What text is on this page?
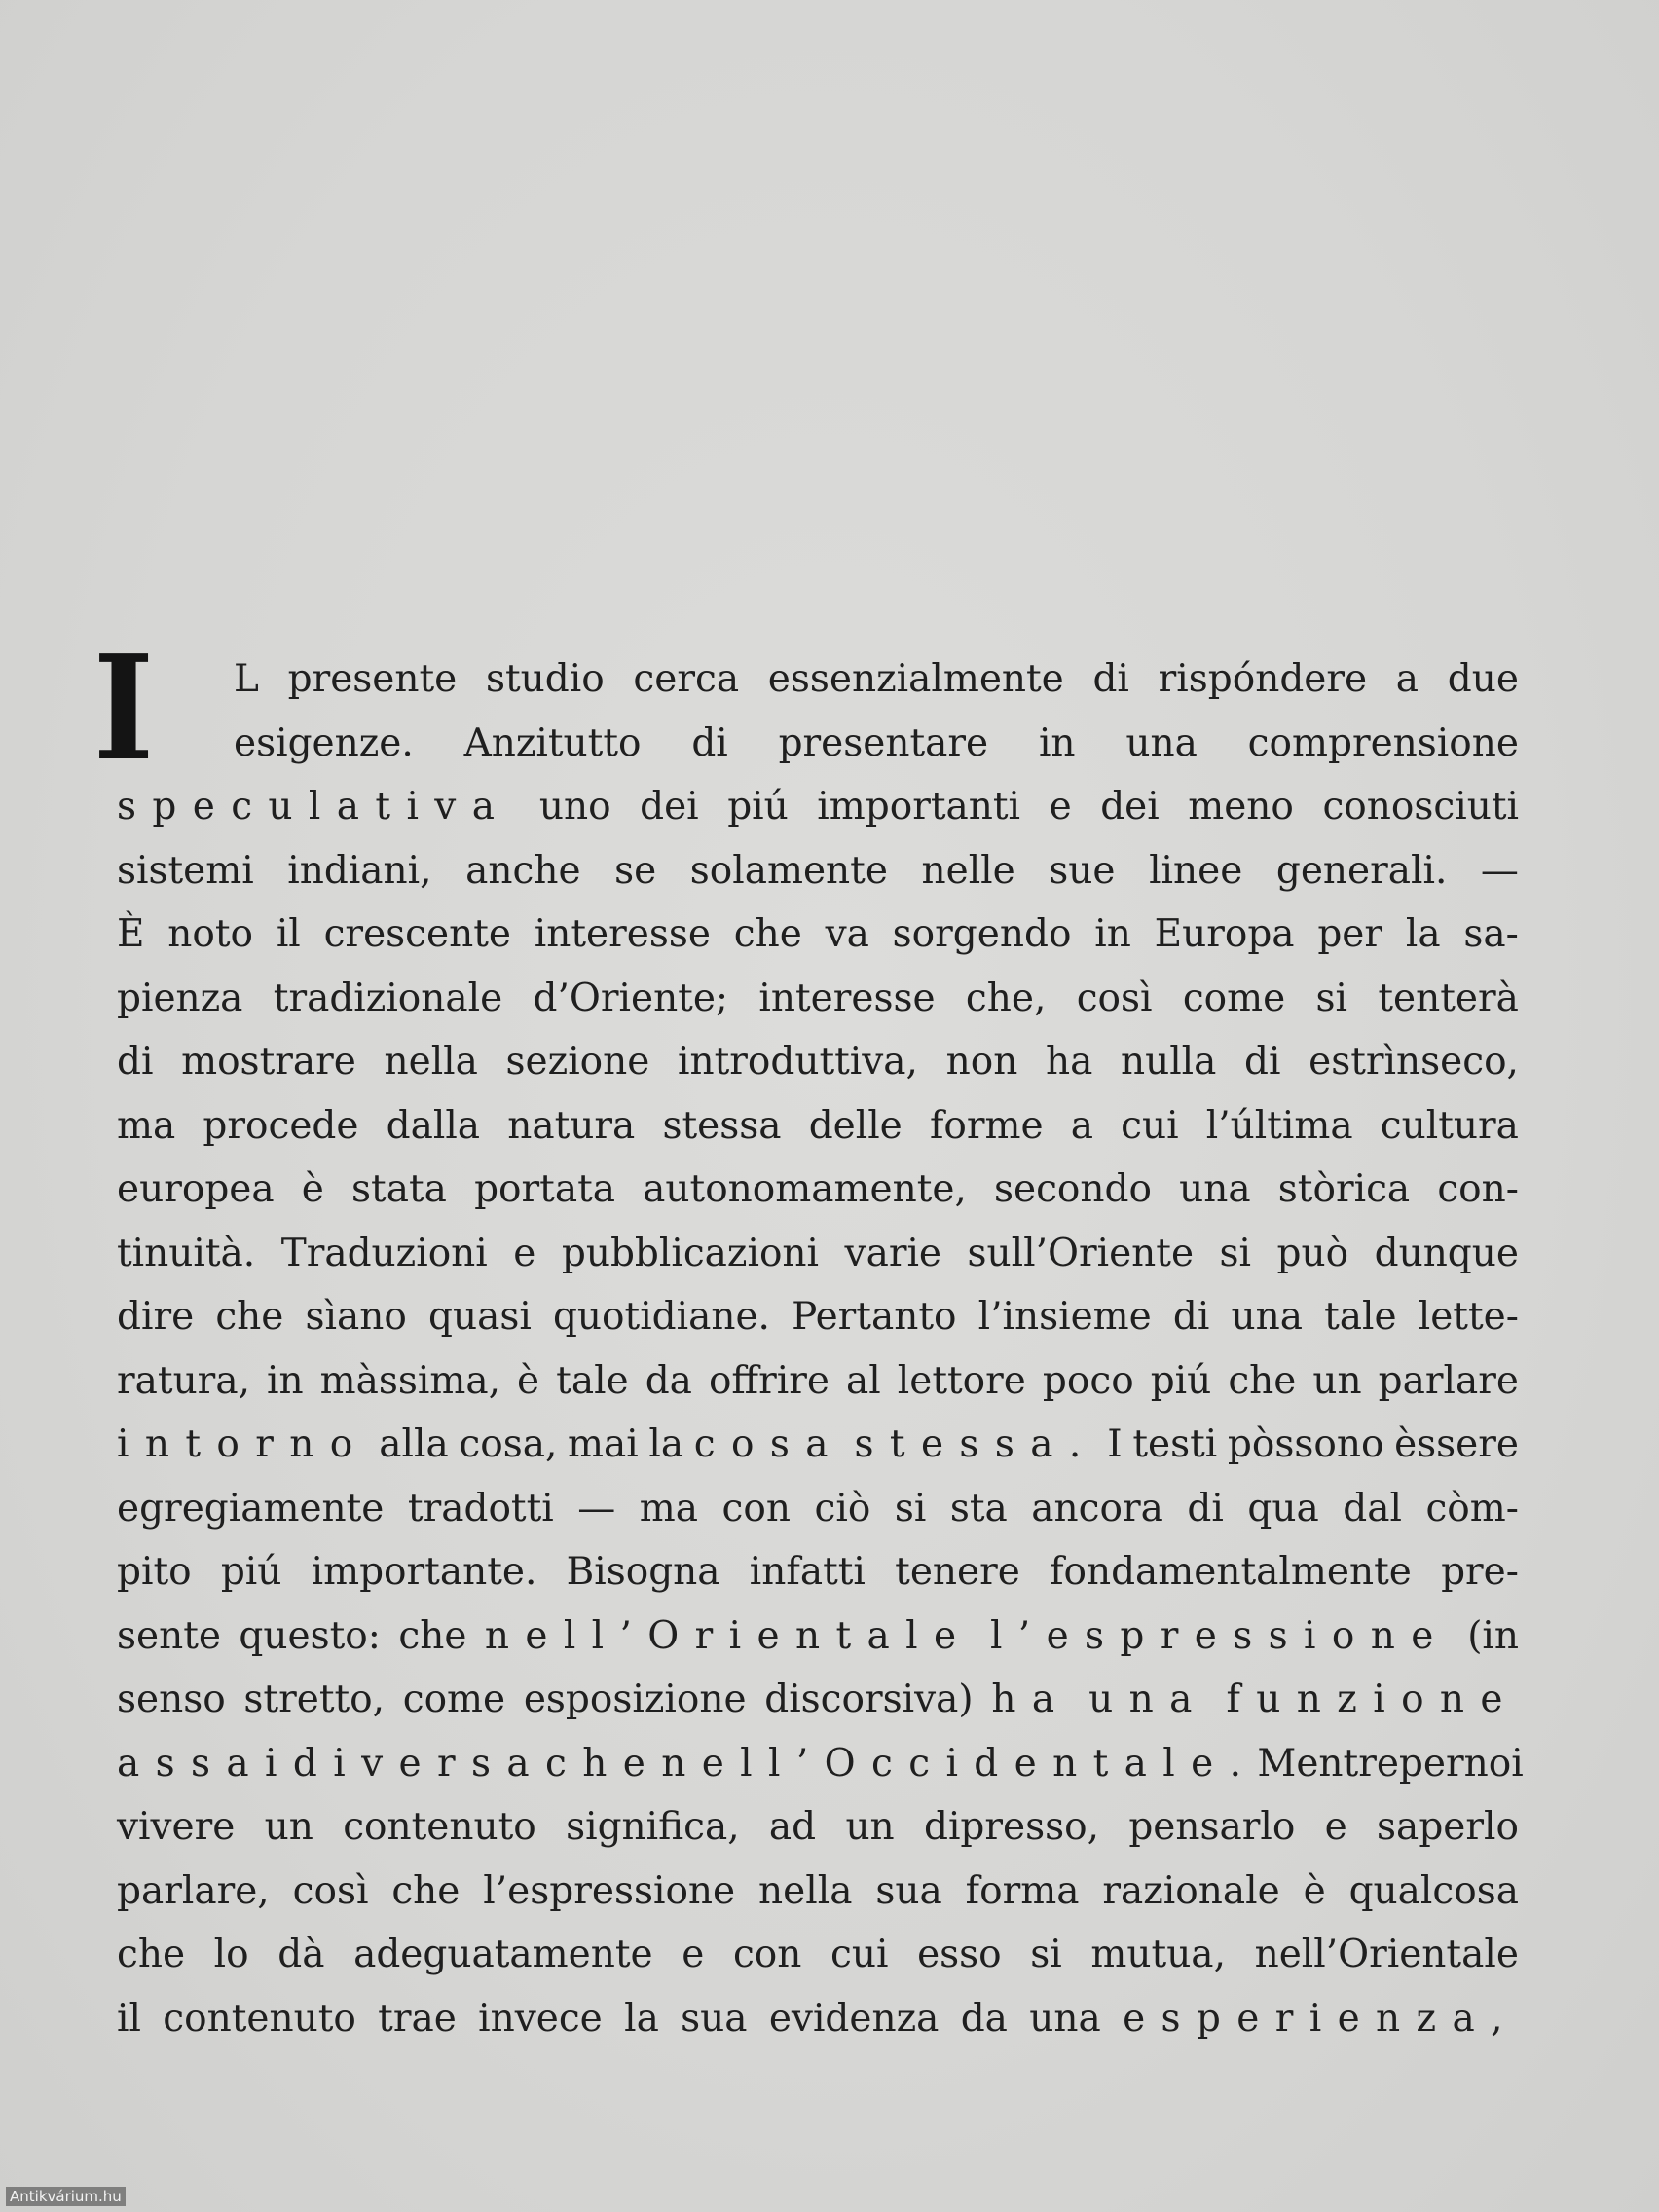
I L presente studio cerca essenzialmente di rispóndere a due
esigenze. Anzitutto di presentare in una comprensione
speculativa uno dei piú importanti e dei meno conosciuti
sistemi indiani, anche se solamente nelle sue linee generali. —
È noto il crescente interesse che va sorgendo in Europa per la sa-
pienza tradizionale d’Oriente; interesse che, così come si tenterà
di mostrare nella sezione introduttiva, non ha nulla di estrìnseco,
ma procede dalla natura stessa delle forme a cui l’última cultura
europea è stata portata autonomamente, secondo una stòrica con-
tinuità. Traduzioni e pubblicazioni varie sull’Oriente si può dunque
dire che sìano quasi quotidiane. Pertanto l’insieme di una tale lette-
ratura, in màssima, è tale da offrire al lettore poco piú che un parlare
intorno alla cosa, mai la cosa stessa. I testi pòssono èssere
egregiamente tradotti — ma con ciò si sta ancora di qua dal còm-
pito piú importante. Bisogna infatti tenere fondamentalmente pre-
sente questo: che nell’Orientale l’espressione (in
senso stretto, come esposizione discorsiva) ha una funzione
assai diversa che nell’Occidentale. Mentre per noi
vivere un contenuto significa, ad un dipresso, pensarlo e saperlo
parlare, così che l’espressione nella sua forma razionale è qualcosa
che lo dà adeguatamente e con cui esso si mutua, nell’Orientale
il contenuto trae invece la sua evidenza da una esperienza,
Antikvárium.hu
